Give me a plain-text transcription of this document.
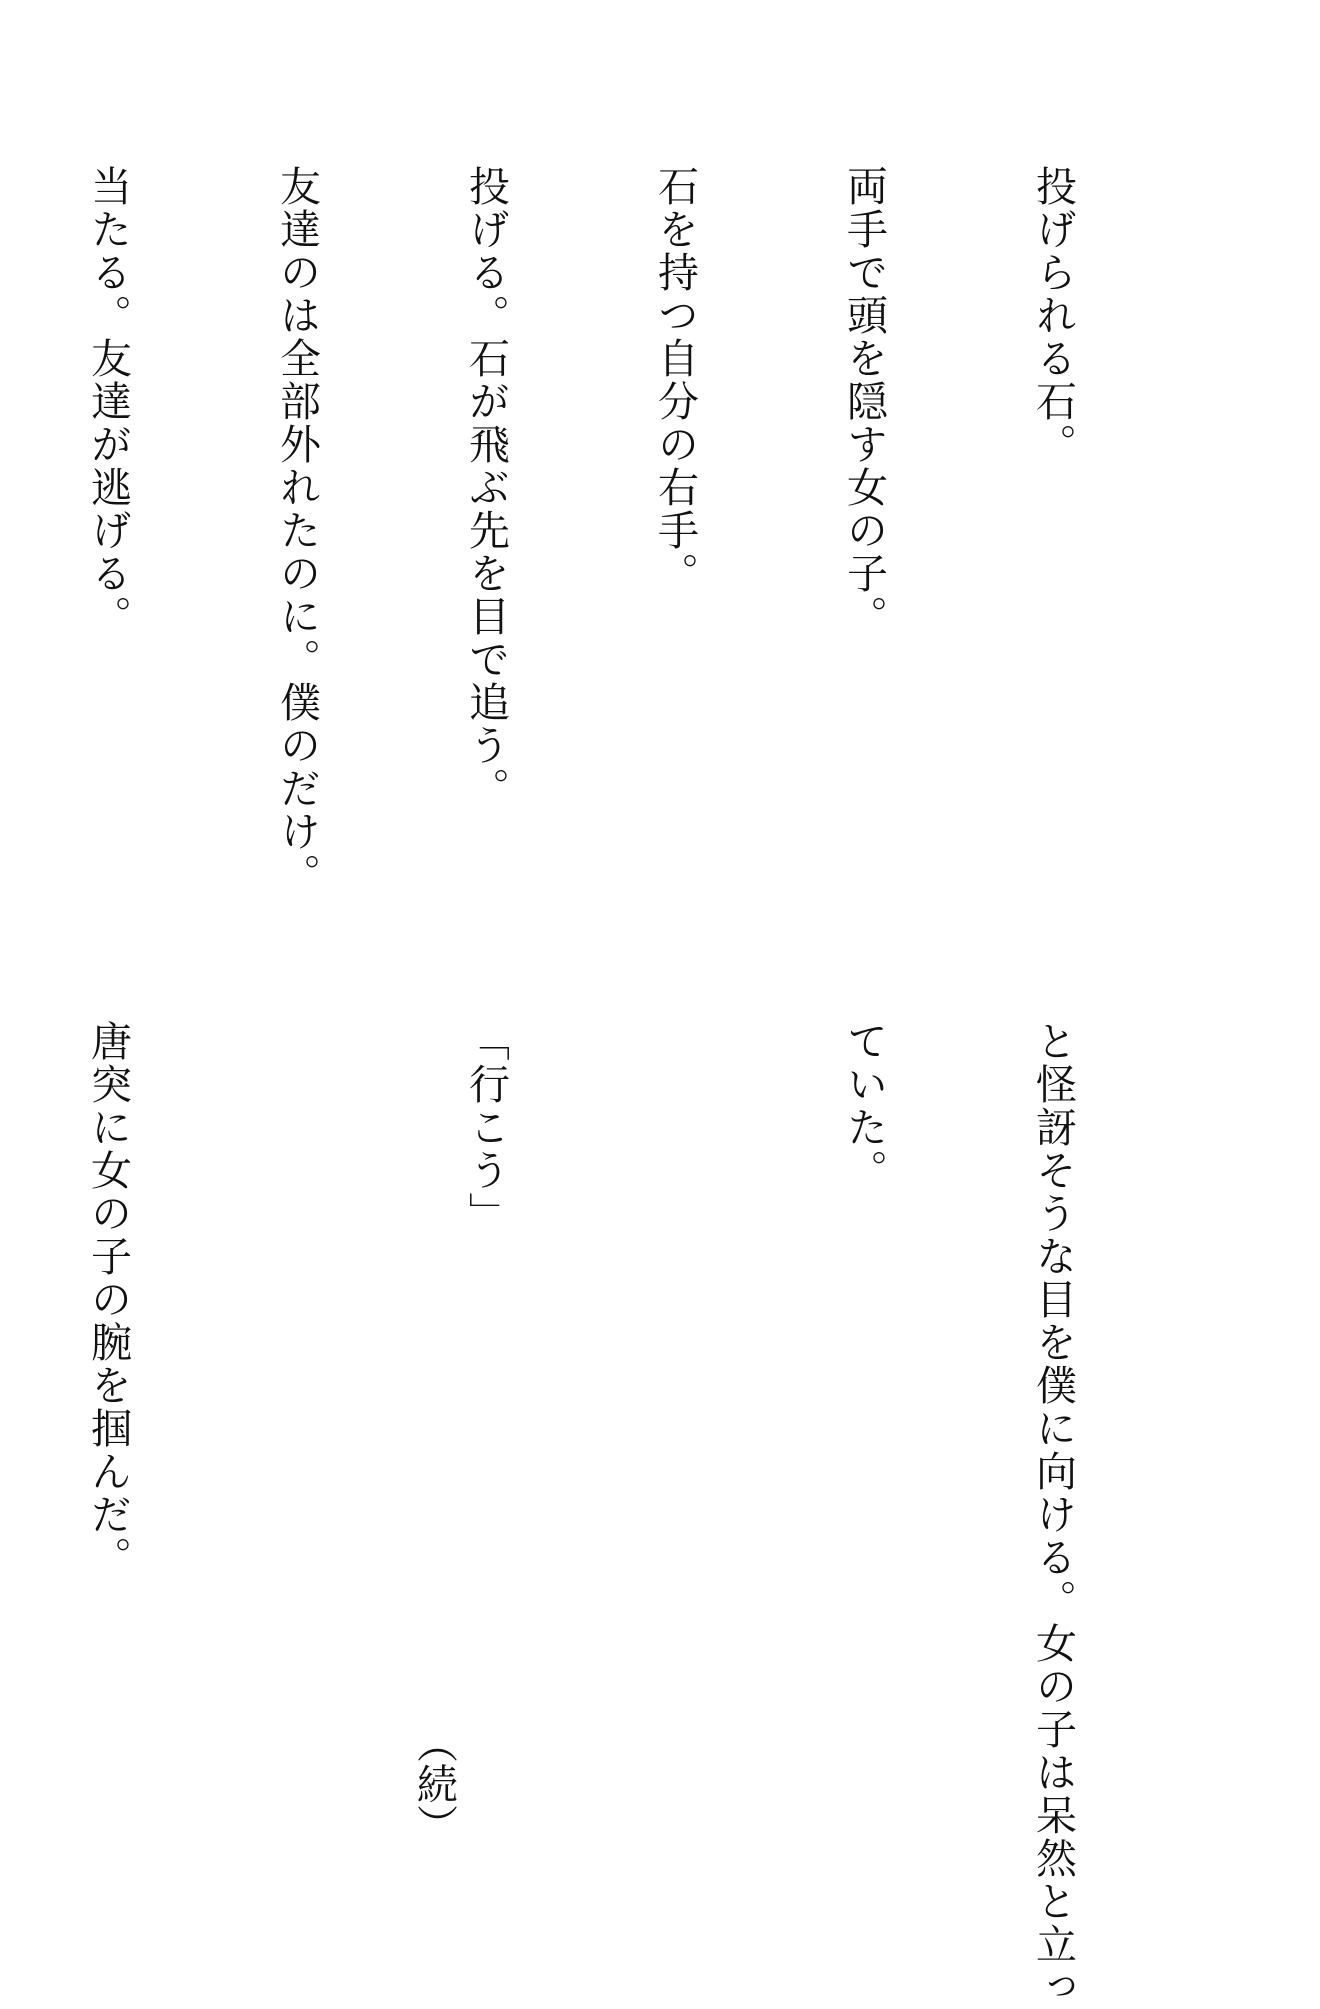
投げられる石。

両手で頭を隠す女の子。

石を持つ自分の右手。

投げる。石が飛ぶ先を目で追う。

友達のは全部外れたのに。僕のだけ。

当たる。友達が逃げる。

と怪訝そうな目を僕に向ける。女の子は呆然と立っ

ていた。

「行こう」

唐突に女の子の腕を掴んだ。

（続）
